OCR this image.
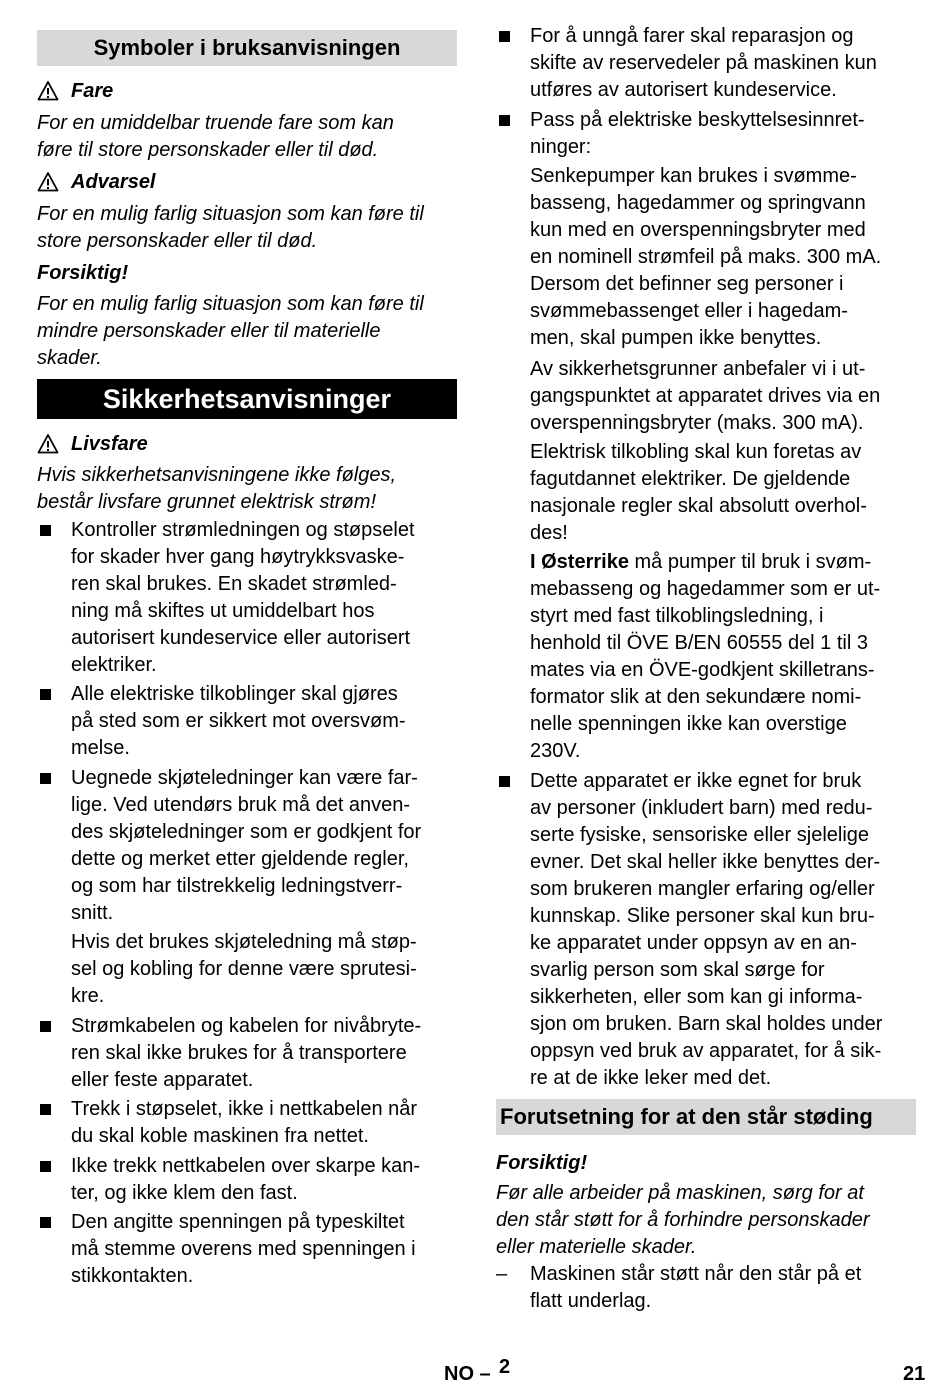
Symboler i bruksanvisningen
Fare
For en umiddelbar truende fare som kan
føre til store personskader eller til død.
Advarsel
For en mulig farlig situasjon som kan føre til
store personskader eller til død.
Forsiktig!
For en mulig farlig situasjon som kan føre til
mindre personskader eller til materielle
skader.
Sikkerhetsanvisninger
Livsfare
Hvis sikkerhetsanvisningene ikke følges,
består livsfare grunnet elektrisk strøm!
Kontroller strømledningen og støpselet
for skader hver gang høytrykksvaske-
ren skal brukes. En skadet strømled-
ning må skiftes ut umiddelbart hos
autorisert kundeservice eller autorisert
elektriker.
Alle elektriske tilkoblinger skal gjøres
på sted som er sikkert mot oversvøm-
melse.
Uegnede skjøteledninger kan være far-
lige. Ved utendørs bruk må det anven-
des skjøteledninger som er godkjent for
dette og merket etter gjeldende regler,
og som har tilstrekkelig ledningstverr-
snitt.
Hvis det brukes skjøteledning må støp-
sel og kobling for denne være sprutesi-
kre.
Strømkabelen og kabelen for nivåbryte-
ren skal ikke brukes for å transportere
eller feste apparatet.
Trekk i støpselet, ikke i nettkabelen når
du skal koble maskinen fra nettet.
Ikke trekk nettkabelen over skarpe kan-
ter, og ikke klem den fast.
Den angitte spenningen på typeskiltet
må stemme overens med spenningen i
stikkontakten.
For å unngå farer skal reparasjon og
skifte av reservedeler på maskinen kun
utføres av autorisert kundeservice.
Pass på elektriske beskyttelsesinnret-
ninger:
Senkepumper kan brukes i svømme-
basseng, hagedammer og springvann
kun med en overspenningsbryter med
en nominell strømfeil på maks. 300 mA.
Dersom det befinner seg personer i
svømmebassenget eller i hagedam-
men, skal pumpen ikke benyttes.
Av sikkerhetsgrunner anbefaler vi i ut-
gangspunktet at apparatet drives via en
overspenningsbryter (maks. 300 mA).
Elektrisk tilkobling skal kun foretas av
fagutdannet elektriker. De gjeldende
nasjonale regler skal absolutt overhol-
des!
I Østerrike må pumper til bruk i svøm-
mebasseng og hagedammer som er ut-
styrt med fast tilkoblingsledning, i
henhold til ÖVE B/EN 60555 del 1 til 3
mates via en ÖVE-godkjent skilletrans-
formator slik at den sekundære nomi-
nelle spenningen ikke kan overstige
230V.
Dette apparatet er ikke egnet for bruk
av personer (inkludert barn) med redu-
serte fysiske, sensoriske eller sjelelige
evner. Det skal heller ikke benyttes der-
som brukeren mangler erfaring og/eller
kunnskap. Slike personer skal kun bru-
ke apparatet under oppsyn av en an-
svarlig person som skal sørge for
sikkerheten, eller som kan gi informa-
sjon om bruken. Barn skal holdes under
oppsyn ved bruk av apparatet, for å sik-
re at de ikke leker med det.
Forutsetning for at den står støding
Forsiktig!
Før alle arbeider på maskinen, sørg for at
den står støtt for å forhindre personskader
eller materielle skader.
– Maskinen står støtt når den står på et
flatt underlag.
NO – 2	21
